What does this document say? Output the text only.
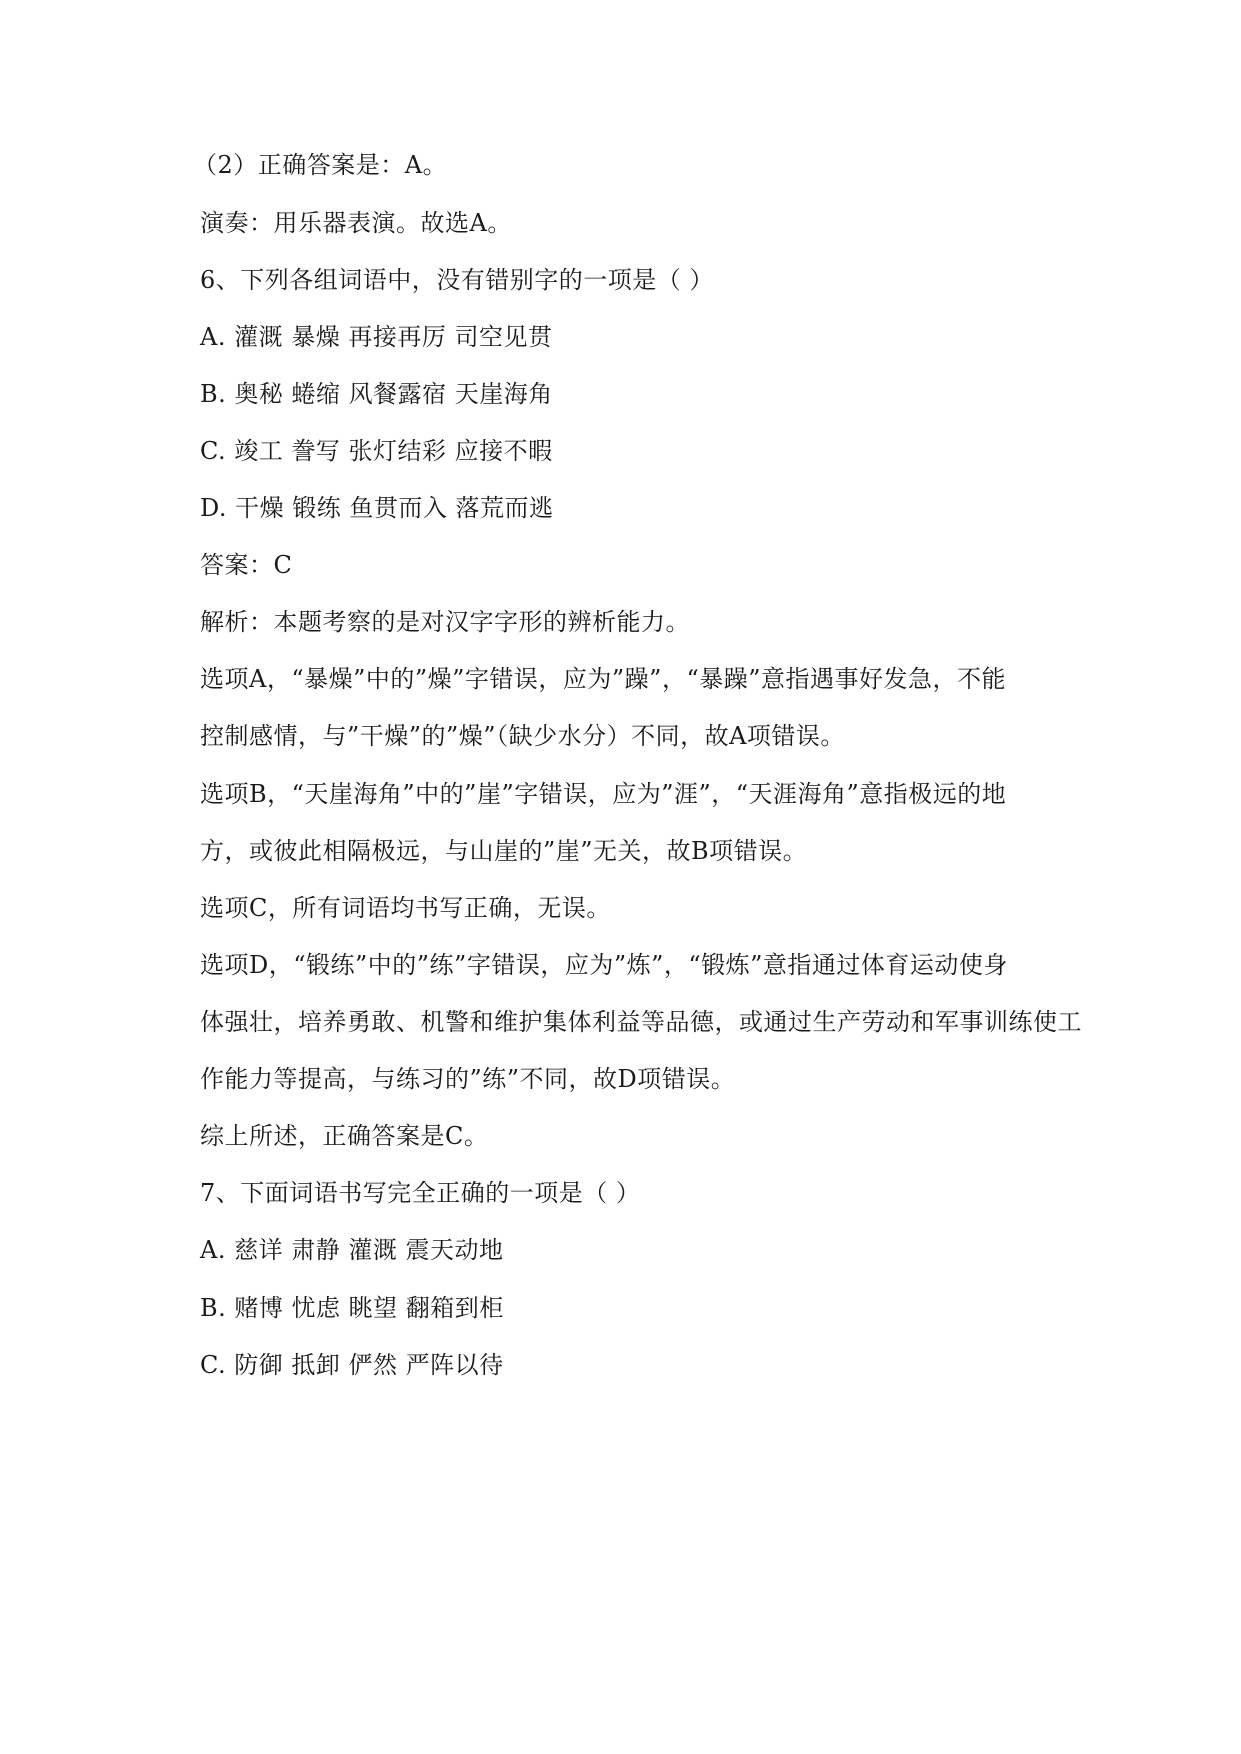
（2）正确答案是：A。
演奏：用乐器表演。故选A。
6、下列各组词语中，没有错别字的一项是（ ）
A. 灌溉 暴燥 再接再厉 司空见贯
B. 奥秘 蜷缩 风餐露宿 天崖海角
C. 竣工 誊写 张灯结彩 应接不暇
D. 干燥 锻练 鱼贯而入 落荒而逃
答案：C
解析：本题考察的是对汉字字形的辨析能力。
选项A，“暴燥”中的”燥”字错误，应为”躁”，“暴躁”意指遇事好发急，不能
控制感情，与”干燥”的”燥”（缺少水分）不同，故A项错误。
选项B，“天崖海角”中的”崖”字错误，应为”涯”，“天涯海角”意指极远的地
方，或彼此相隔极远，与山崖的”崖”无关，故B项错误。
选项C，所有词语均书写正确，无误。
选项D，“锻练”中的”练”字错误，应为”炼”，“锻炼”意指通过体育运动使身
体强壮，培养勇敢、机警和维护集体利益等品德，或通过生产劳动和军事训练使工
作能力等提高，与练习的”练”不同，故D项错误。
综上所述，正确答案是C。
7、下面词语书写完全正确的一项是（ ）
A. 慈详 肃静 灌溉 震天动地
B. 赌博 忧虑 眺望 翻箱到柜
C. 防御 抵卸 俨然 严阵以待
